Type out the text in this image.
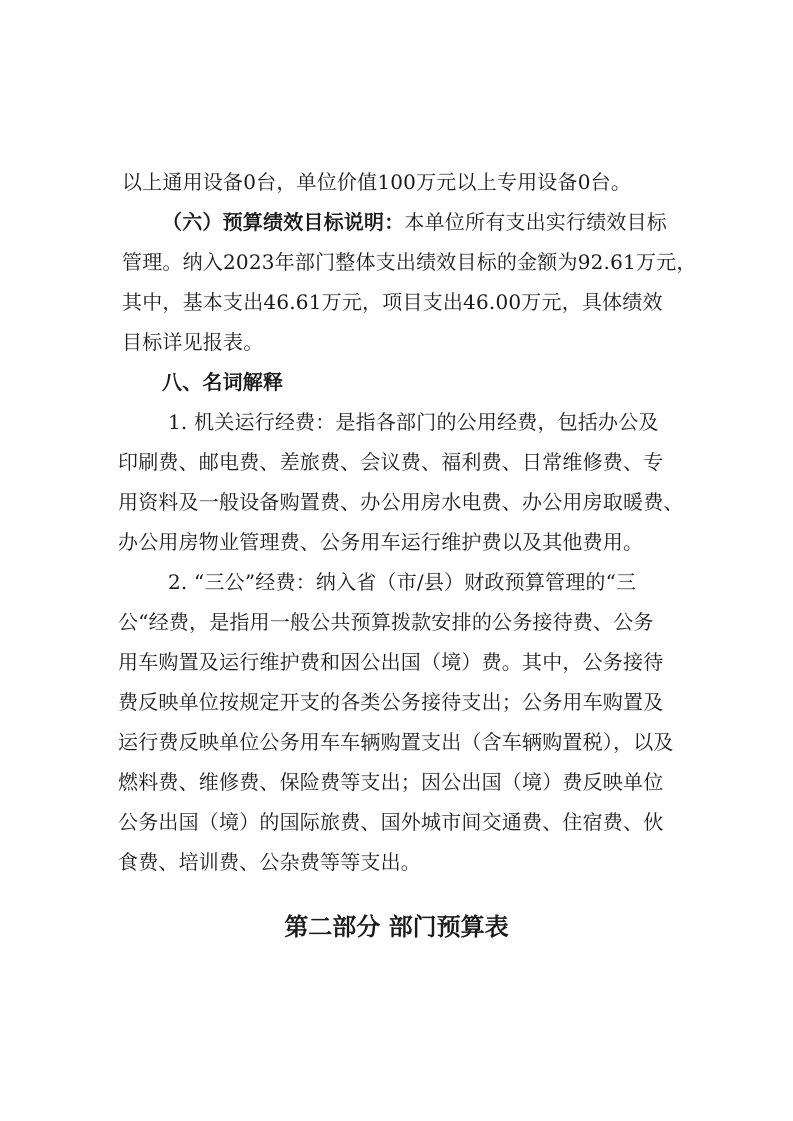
以上通用设备0台，单位价值100万元以上专用设备0台。
（六）预算绩效目标说明：本单位所有支出实行绩效目标
管理。纳入2023年部门整体支出绩效目标的金额为92.61万元，
其中，基本支出46.61万元，项目支出46.00万元，具体绩效
目标详见报表。
八、名词解释
1. 机关运行经费：是指各部门的公用经费，包括办公及
印刷费、邮电费、差旅费、会议费、福利费、日常维修费、专
用资料及一般设备购置费、办公用房水电费、办公用房取暖费、
办公用房物业管理费、公务用车运行维护费以及其他费用。
2. “三公”经费：纳入省（市/县）财政预算管理的“三
公“经费，是指用一般公共预算拨款安排的公务接待费、公务
用车购置及运行维护费和因公出国（境）费。其中，公务接待
费反映单位按规定开支的各类公务接待支出；公务用车购置及
运行费反映单位公务用车车辆购置支出（含车辆购置税），以及
燃料费、维修费、保险费等支出；因公出国（境）费反映单位
公务出国（境）的国际旅费、国外城市间交通费、住宿费、伙
食费、培训费、公杂费等等支出。
第二部分 部门预算表
